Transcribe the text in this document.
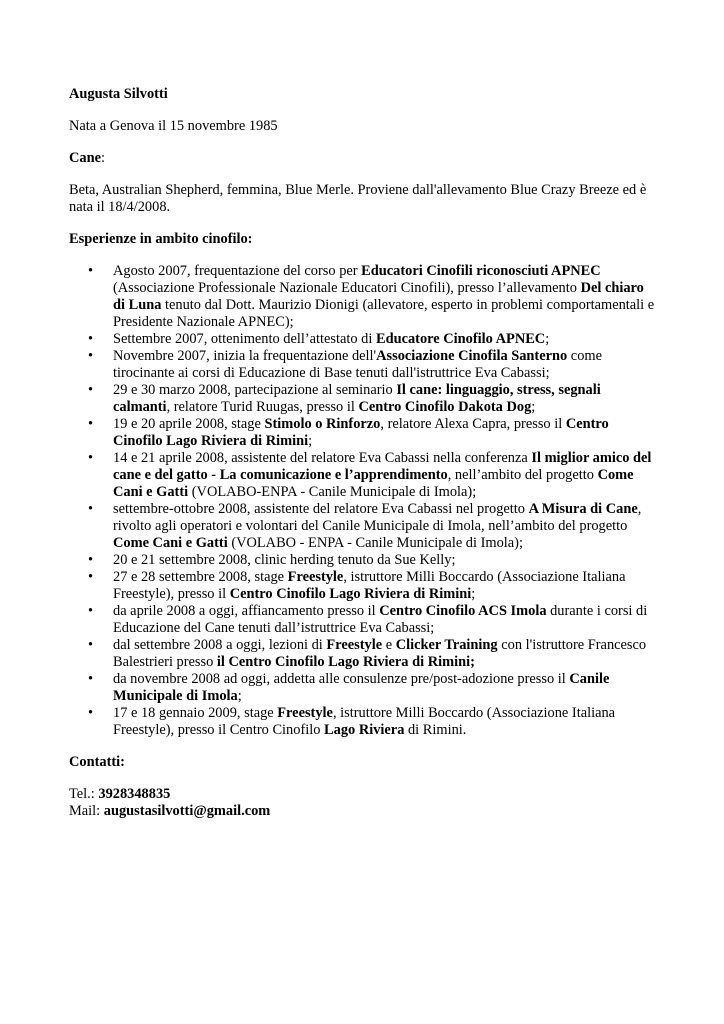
Augusta Silvotti

Nata a Genova il 15 novembre 1985

Cane:

Beta, Australian Shepherd, femmina, Blue Merle. Proviene dall'allevamento Blue Crazy Breeze ed è nata il 18/4/2008.

Esperienze in ambito cinofilo:

• Agosto 2007, frequentazione del corso per Educatori Cinofili riconosciuti APNEC (Associazione Professionale Nazionale Educatori Cinofili), presso l’allevamento Del chiaro di Luna tenuto dal Dott. Maurizio Dionigi (allevatore, esperto in problemi comportamentali e Presidente Nazionale APNEC);
• Settembre 2007, ottenimento dell’attestato di Educatore Cinofilo APNEC;
• Novembre 2007, inizia la frequentazione dell'Associazione Cinofila Santerno come tirocinante ai corsi di Educazione di Base tenuti dall'istruttrice Eva Cabassi;
• 29 e 30 marzo 2008, partecipazione al seminario Il cane: linguaggio, stress, segnali calmanti, relatore Turid Ruugas, presso il Centro Cinofilo Dakota Dog;
• 19 e 20 aprile 2008, stage Stimolo o Rinforzo, relatore Alexa Capra, presso il Centro Cinofilo Lago Riviera di Rimini;
• 14 e 21 aprile 2008, assistente del relatore Eva Cabassi nella conferenza Il miglior amico del cane e del gatto - La comunicazione e l’apprendimento, nell’ambito del progetto Come Cani e Gatti (VOLABO-ENPA - Canile Municipale di Imola);
• settembre-ottobre 2008, assistente del relatore Eva Cabassi nel progetto A Misura di Cane, rivolto agli operatori e volontari del Canile Municipale di Imola, nell’ambito del progetto Come Cani e Gatti (VOLABO - ENPA - Canile Municipale di Imola);
• 20 e 21 settembre 2008, clinic herding tenuto da Sue Kelly;
• 27 e 28 settembre 2008, stage Freestyle, istruttore Milli Boccardo (Associazione Italiana Freestyle), presso il Centro Cinofilo Lago Riviera di Rimini;
• da aprile 2008 a oggi, affiancamento presso il Centro Cinofilo ACS Imola durante i corsi di Educazione del Cane tenuti dall’istruttrice Eva Cabassi;
• dal settembre 2008 a oggi, lezioni di Freestyle e Clicker Training con l'istruttore Francesco Balestrieri presso il Centro Cinofilo Lago Riviera di Rimini;
• da novembre 2008 ad oggi, addetta alle consulenze pre/post-adozione presso il Canile Municipale di Imola;
• 17 e 18 gennaio 2009, stage Freestyle, istruttore Milli Boccardo (Associazione Italiana Freestyle), presso il Centro Cinofilo Lago Riviera di Rimini.

Contatti:

Tel.: 3928348835

Mail: augustasilvotti@gmail.com
